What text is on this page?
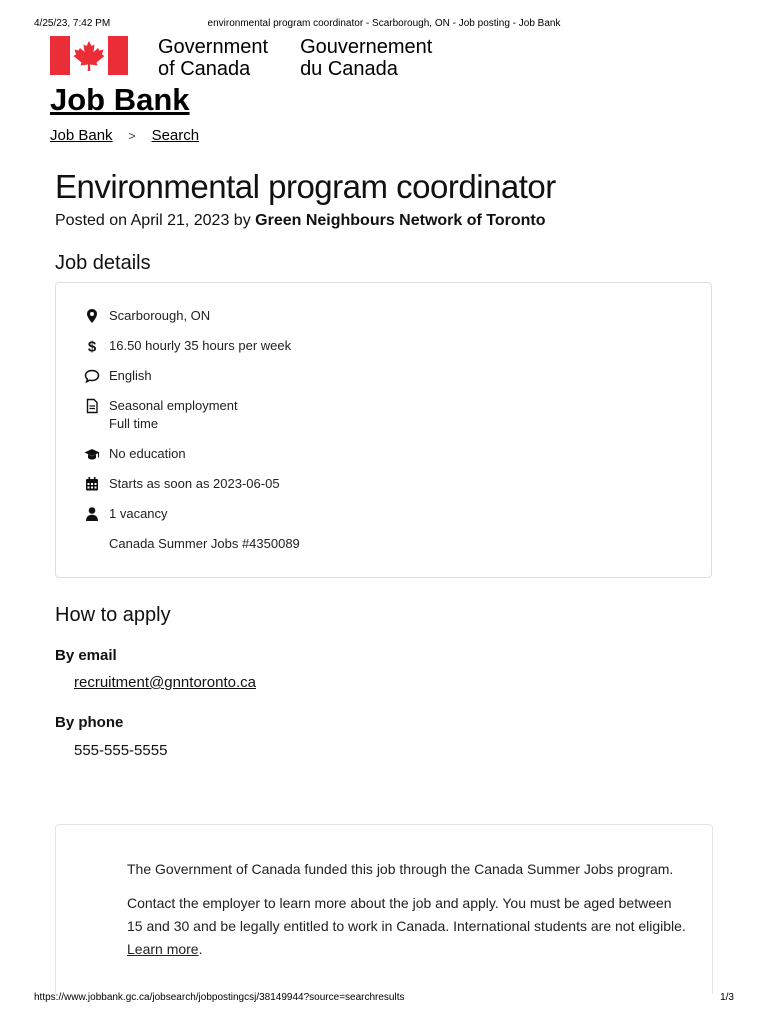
4/25/23, 7:42 PM	environmental program coordinator - Scarborough, ON - Job posting - Job Bank
Government
of Canada
Gouvernement
du Canada
Job Bank
Job Bank > Search
Environmental program coordinator
Posted on April 21, 2023 by Green Neighbours Network of Toronto
Job details
Scarborough, ON
$ 16.50 hourly 35 hours per week
English
Seasonal employment
Full time
No education
Starts as soon as 2023-06-05
1 vacancy
Canada Summer Jobs #4350089
How to apply
By email
recruitment@gnntoronto.ca
By phone
555-555-5555

The Government of Canada funded this job through the Canada Summer Jobs program.

Contact the employer to learn more about the job and apply. You must be aged between 15 and 30 and be legally entitled to work in Canada. International students are not eligible. Learn more.

https://www.jobbank.gc.ca/jobsearch/jobpostingcsj/38149944?source=searchresults	1/3
